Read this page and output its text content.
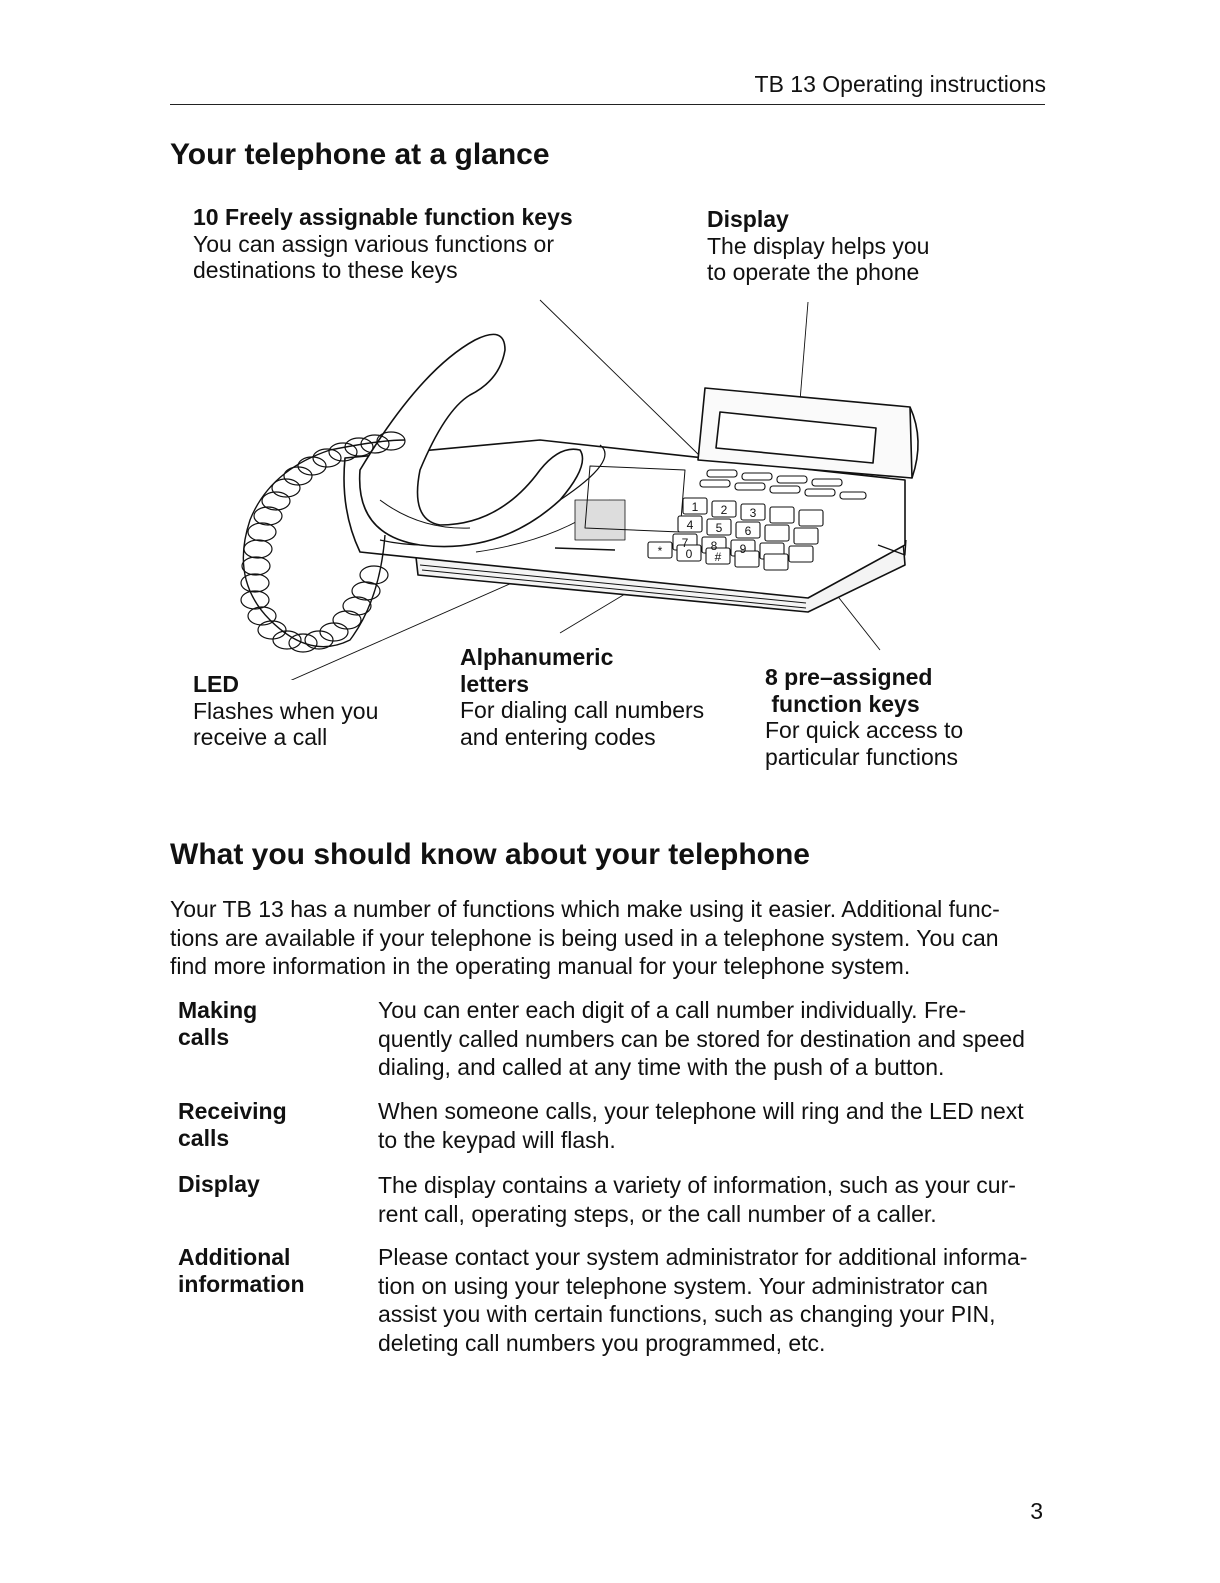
TB 13 Operating instructions
Your telephone at a glance
10 Freely assignable function keys
You can assign various functions or
destinations to these keys
Display
The display helps you
to operate the phone
1 2 3
4 5 6
7 8 9
* 0 #
Alphanumeric
letters
For dialing call numbers
and entering codes
LED
Flashes when you
receive a call
8 pre–assigned
function keys
For quick access to
particular functions
What you should know about your telephone
Your TB 13 has a number of functions which make using it easier. Additional func-
tions are available if your telephone is being used in a telephone system. You can
find more information in the operating manual for your telephone system.
Making
calls
You can enter each digit of a call number individually. Fre-
quently called numbers can be stored for destination and speed
dialing, and called at any time with the push of a button.
Receiving
calls
When someone calls, your telephone will ring and the LED next
to the keypad will flash.
Display	The display contains a variety of information, such as your cur-
rent call, operating steps, or the call number of a caller.
Additional
information
Please contact your system administrator for additional informa-
tion on using your telephone system. Your administrator can
assist you with certain functions, such as changing your PIN,
deleting call numbers you programmed, etc.
3
